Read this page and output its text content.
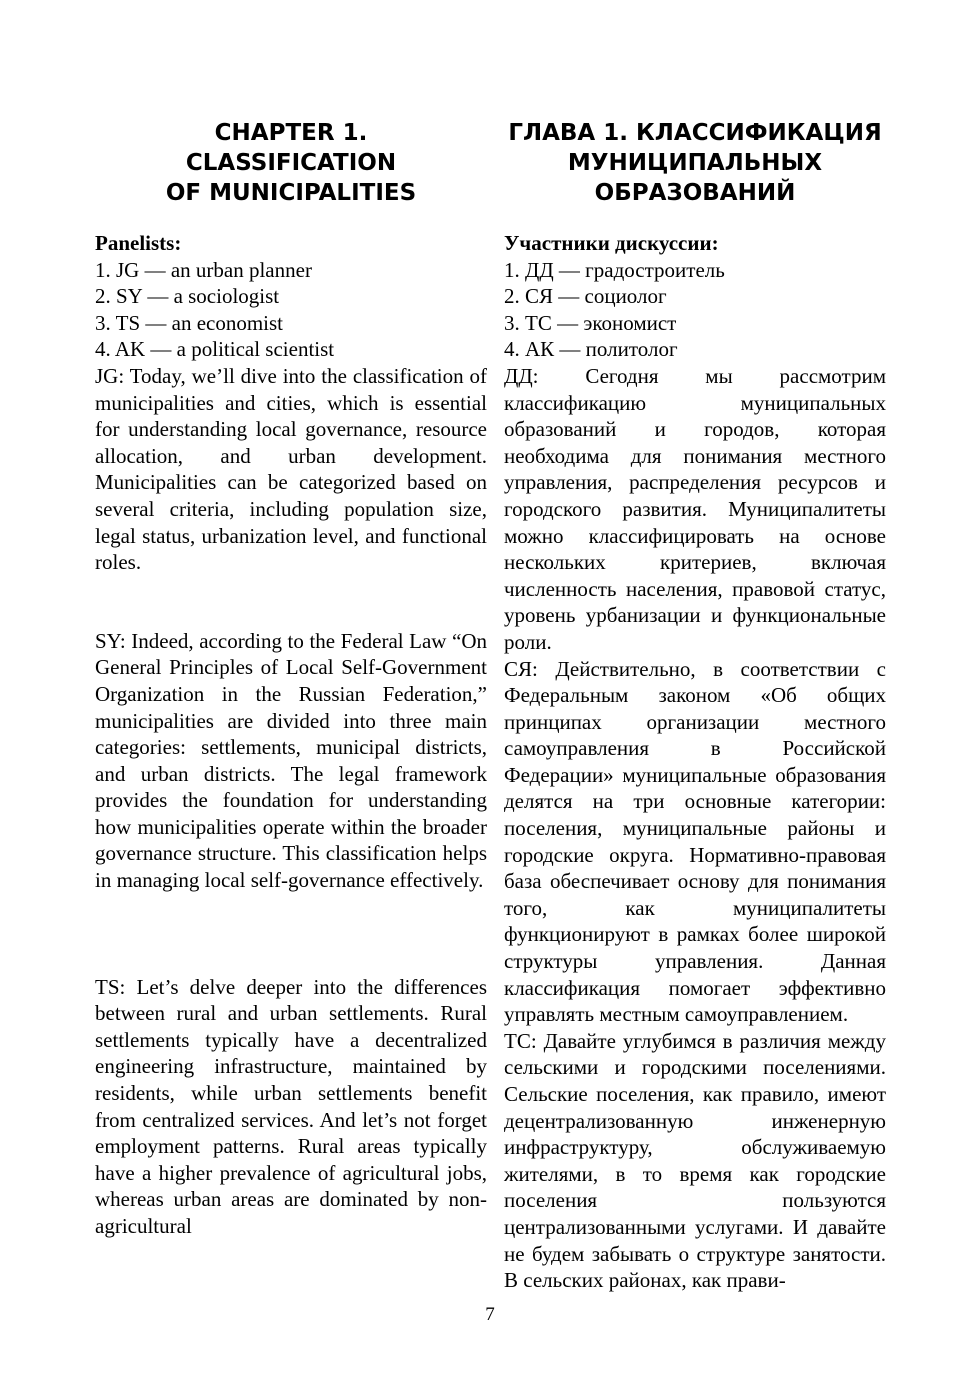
CHAPTER 1.
CLASSIFICATION
OF MUNICIPALITIES
Panelists:
1. JG — an urban planner
2. SY — a sociologist
3. TS — an economist
4. AK — a political scientist

JG: Today, we’ll dive into the classification of municipalities and cities, which is essential for understanding local governance, resource allocation, and urban development. Municipalities can be categorized based on several criteria, including population size, legal status, urbanization level, and functional roles.

SY: Indeed, according to the Federal Law “On General Principles of Local Self-Government Organization in the Russian Federation,” municipalities are divided into three main categories: settlements, municipal districts, and urban districts. The legal framework provides the foundation for understanding how municipalities operate within the broader governance structure. This classification helps in managing local self-governance effectively.

TS: Let’s delve deeper into the differences between rural and urban settlements. Rural settlements typically have a decentralized engineering infrastructure, maintained by residents, while urban settlements benefit from centralized services. And let’s not forget employment patterns. Rural areas typically have a higher prevalence of agricultural jobs, whereas urban areas are dominated by non-agricultural

ГЛАВА 1. КЛАССИФИКАЦИЯ
МУНИЦИПАЛЬНЫХ
ОБРАЗОВАНИЙ
Участники дискуссии:
1. ДД — градостроитель
2. СЯ — социолог
3. ТС — экономист
4. АК — политолог

ДД: Сегодня мы рассмотрим классификацию муниципальных образований и городов, которая необходима для понимания местного управления, распределения ресурсов и городского развития. Муниципалитеты можно классифицировать на основе нескольких критериев, включая численность населения, правовой статус, уровень урбанизации и функциональные роли.

СЯ: Действительно, в соответствии с Федеральным законом «Об общих принципах организации местного самоуправления в Российской Федерации» муниципальные образования делятся на три основные категории: поселения, муниципальные районы и городские округа. Нормативно-правовая база обеспечивает основу для понимания того, как муниципалитеты функционируют в рамках более широкой структуры управления. Данная классификация помогает эффективно управлять местным самоуправлением.

ТС: Давайте углубимся в различия между сельскими и городскими поселениями. Сельские поселения, как правило, имеют децентрализованную инженерную инфраструктуру, обслуживаемую жителями, в то время как городские поселения пользуются централизованными услугами. И давайте не будем забывать о структуре занятости. В сельских районах, как прави-

7
